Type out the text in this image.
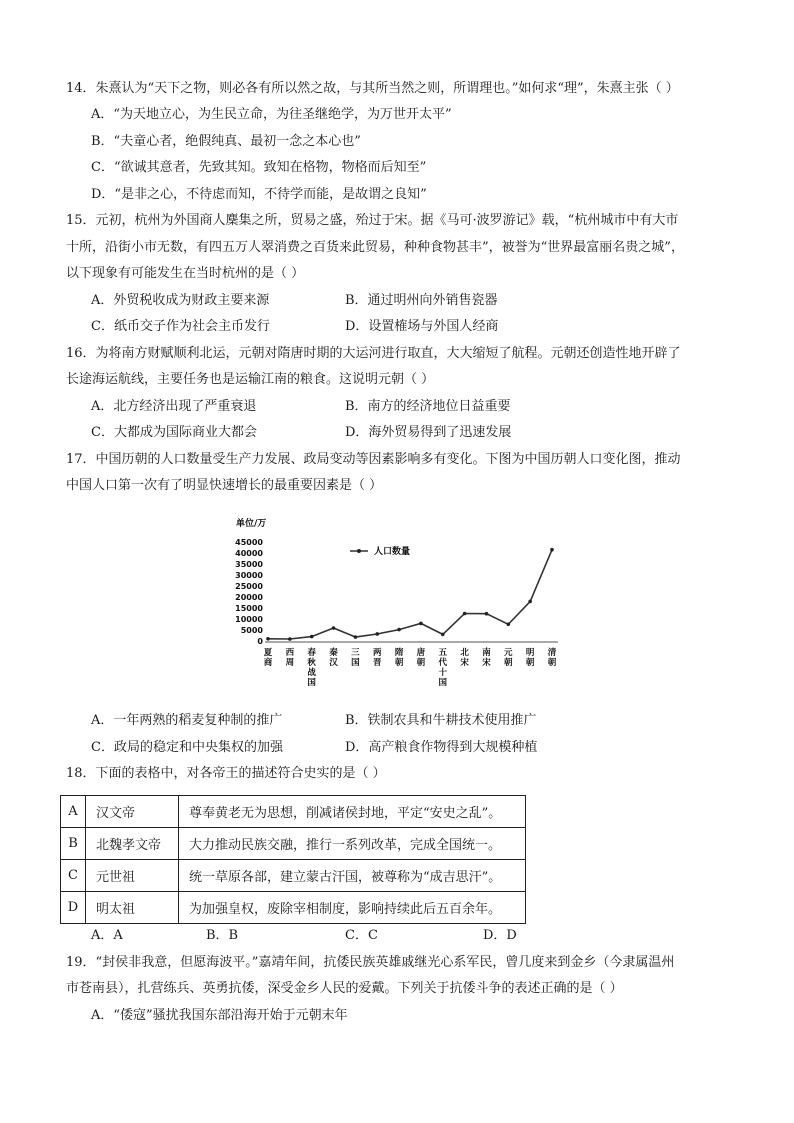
14．朱熹认为“天下之物，则必各有所以然之故，与其所当然之则，所谓理也。”如何求“理”，朱熹主张（ ）
A．“为天地立心，为生民立命，为往圣继绝学，为万世开太平”
B．“夫童心者，绝假纯真、最初一念之本心也”
C．“欲诚其意者，先致其知。致知在格物，物格而后知至”
D．“是非之心，不待虑而知，不待学而能，是故谓之良知”
15．元初，杭州为外国商人麇集之所，贸易之盛，殆过于宋。据《马可·波罗游记》载，“杭州城市中有大市
十所，沿街小市无数，有四五万人翠消费之百货来此贸易，种种食物甚丰”，被誉为“世界最富丽名贵之城”，
以下现象有可能发生在当时杭州的是（ ）
A．外贸税收成为财政主要来源	B．通过明州向外销售瓷器
C．纸币交子作为社会主币发行	D．设置榷场与外国人经商
16．为将南方财赋顺利北运，元朝对隋唐时期的大运河进行取直，大大缩短了航程。元朝还创造性地开辟了
长途海运航线，主要任务也是运输江南的粮食。这说明元朝（ ）
A．北方经济出现了严重衰退	B．南方的经济地位日益重要
C．大都成为国际商业大都会	D．海外贸易得到了迅速发展
17．中国历朝的人口数量受生产力发展、政局变动等因素影响多有变化。下图为中国历朝人口变化图，推动
中国人口第一次有了明显快速增长的最重要因素是（ ）
单位/万
0
5000
10000
15000
20000
25000
30000
35000
40000
45000
夏商
西周
春秋战国
秦汉
三国
两晋
隋朝
唐朝
五代十国
北宋
南宋
元朝
明朝
清朝
人口数量
A．一年两熟的稻麦复种制的推广	B．铁制农具和牛耕技术使用推广
C．政局的稳定和中央集权的加强	D．高产粮食作物得到大规模种植
18．下面的表格中，对各帝王的描述符合史实的是（ ）
A	汉文帝	尊奉黄老无为思想，削减诸侯封地，平定“安史之乱”。
B	北魏孝文帝	大力推动民族交融，推行一系列改革，完成全国统一。
C	元世祖	统一草原各部，建立蒙古汗国，被尊称为“成吉思汗”。
D	明太祖	为加强皇权，废除宰相制度，影响持续此后五百余年。
A．A	B．B	C．C	D．D
19．“封侯非我意，但愿海波平。”嘉靖年间，抗倭民族英雄戚继光心系军民，曾几度来到金乡（今隶属温州
市苍南县），扎营练兵、英勇抗倭，深受金乡人民的爱戴。下列关于抗倭斗争的表述正确的是（ ）
A．“倭寇”骚扰我国东部沿海开始于元朝末年
